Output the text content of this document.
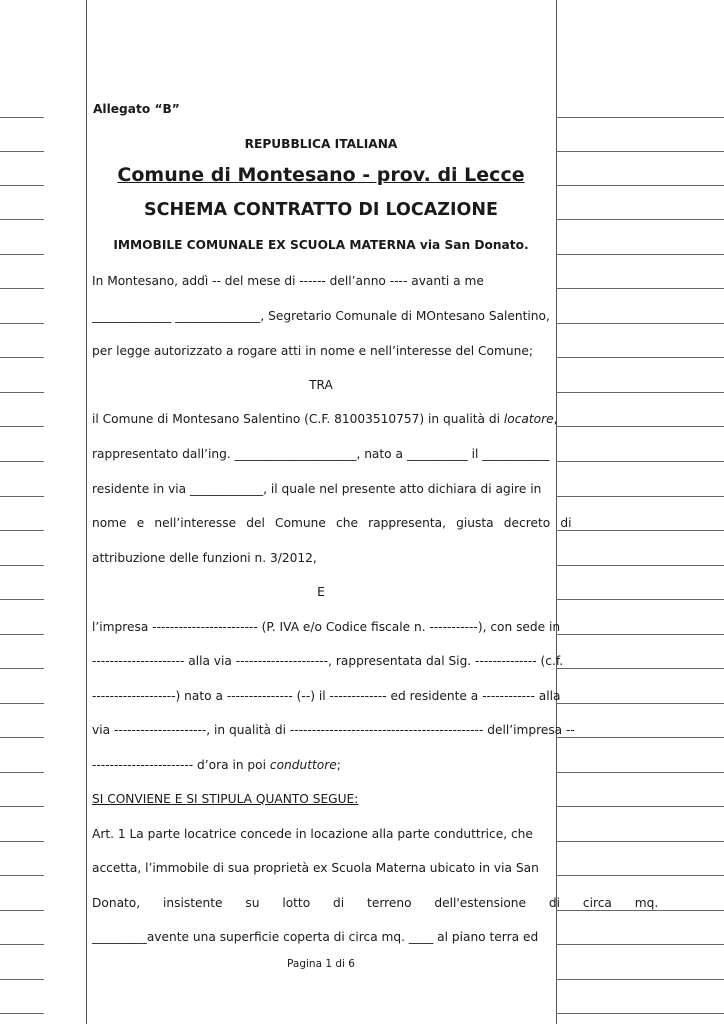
Allegato “B”
REPUBBLICA ITALIANA
Comune di Montesano - prov. di Lecce
SCHEMA CONTRATTO DI LOCAZIONE
IMMOBILE COMUNALE EX SCUOLA MATERNA via San Donato.
In Montesano, addì -- del mese di ------ dell’anno ---- avanti a me
_____________ ______________, Segretario Comunale di MOntesano Salentino,
per legge autorizzato a rogare atti in nome e nell’interesse del Comune;
TRA
il Comune di Montesano Salentino (C.F. 81003510757) in qualità di locatore,
rappresentato dall’ing. ____________________, nato a __________ il ___________
residente in via ____________, il quale nel presente atto dichiara di agire in
nome e nell’interesse del Comune che rappresenta, giusta decreto di
attribuzione delle funzioni n. 3/2012,
E
l’impresa ------------------------ (P. IVA e/o Codice fiscale n. -----------), con sede in
--------------------- alla via ---------------------, rappresentata dal Sig. -------------- (c.f.
-------------------) nato a --------------- (--) il ------------- ed residente a ------------ alla
via ---------------------, in qualità di -------------------------------------------- dell’impresa --
----------------------- d’ora in poi conduttore;
SI CONVIENE E SI STIPULA QUANTO SEGUE:
Art. 1 La parte locatrice concede in locazione alla parte conduttrice, che
accetta, l’immobile di sua proprietà ex Scuola Materna ubicato in via San
Donato, insistente su lotto di terreno dell'estensione di circa mq.
_________avente una superficie coperta di circa mq. ____ al piano terra ed
Pagina 1 di 6
